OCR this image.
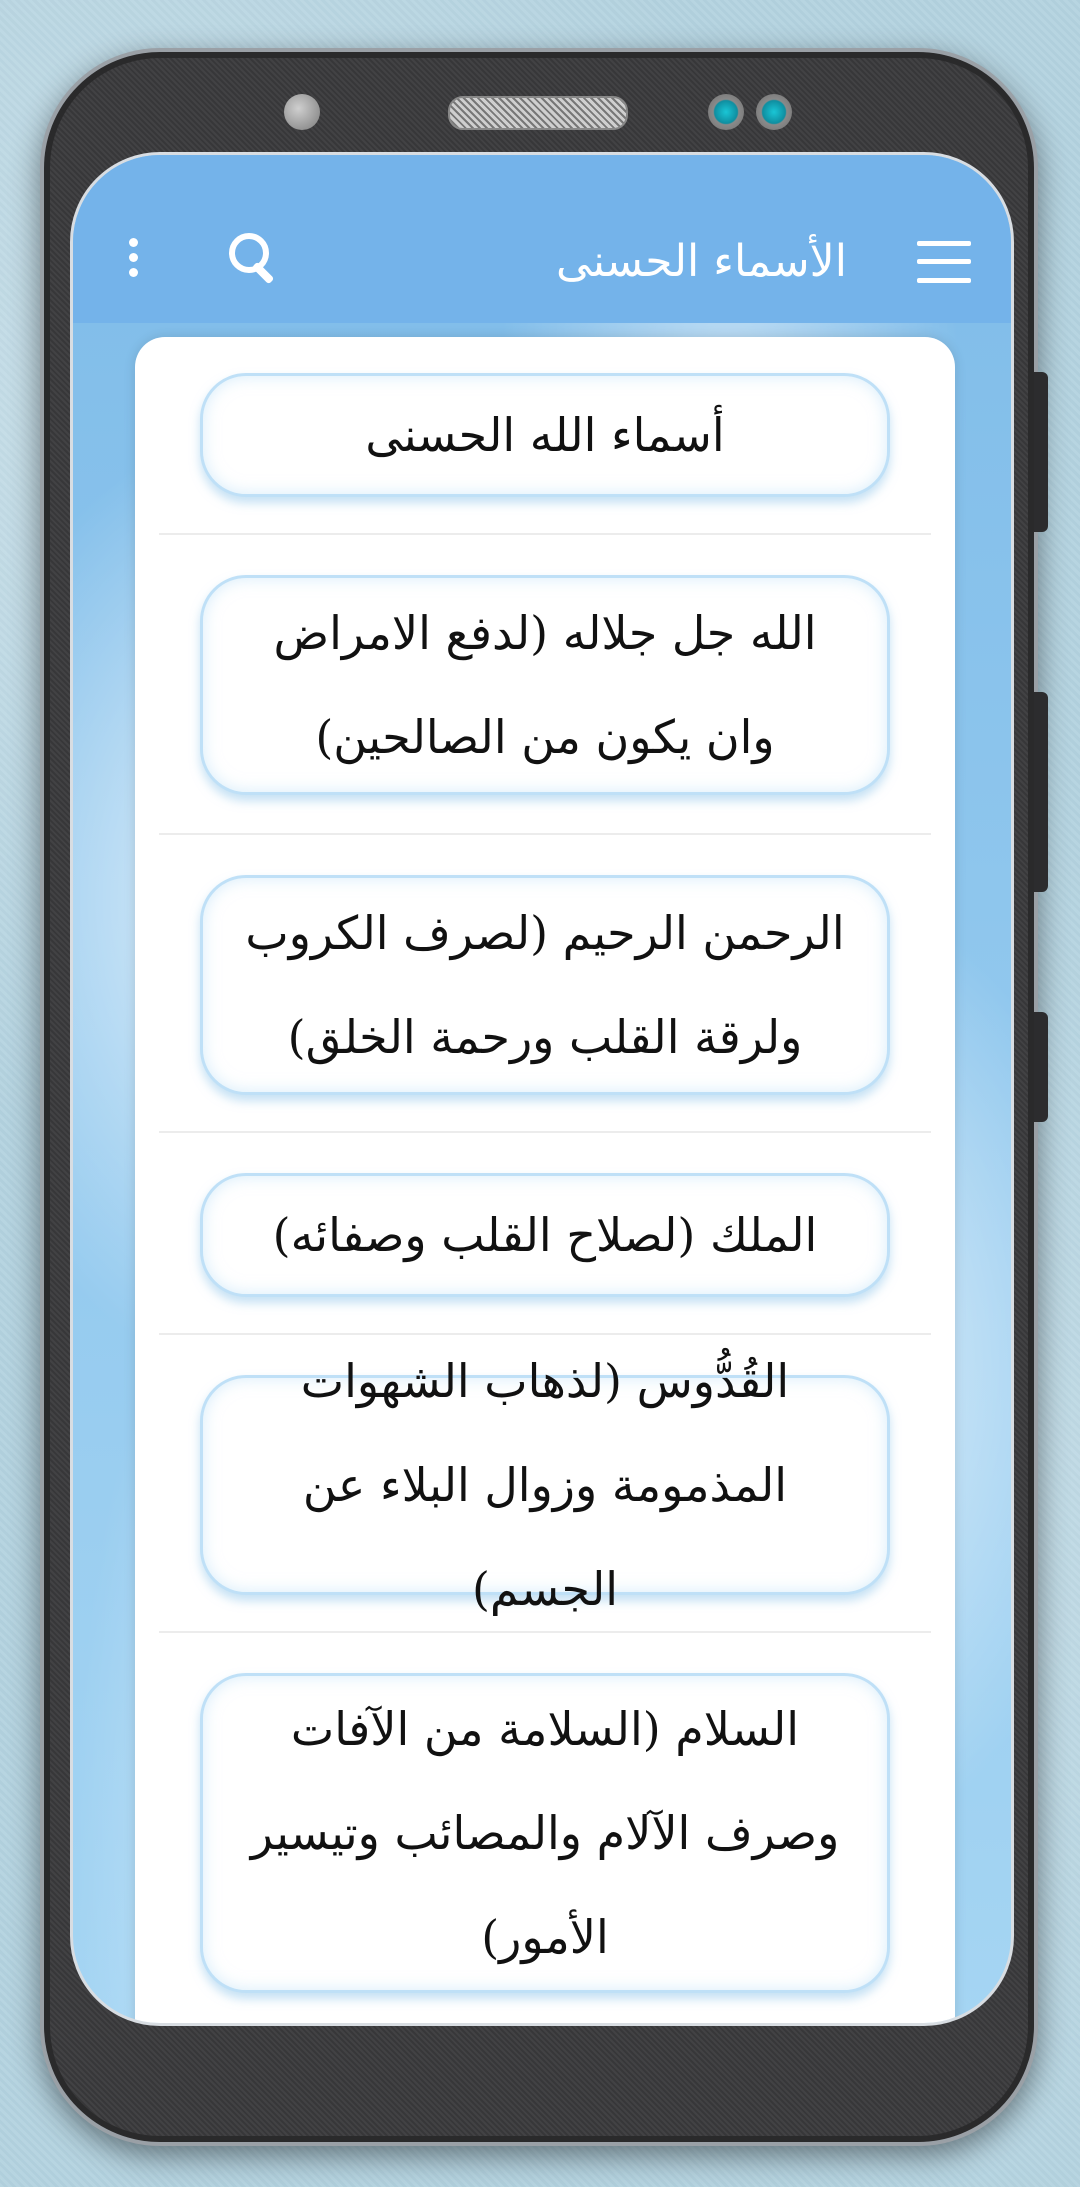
الأسماء الحسنى
أسماء الله الحسنى
الله جل جلاله (لدفع الامراض وان يكون من الصالحين)
الرحمن الرحيم (لصرف الكروب ولرقة القلب ورحمة الخلق)
الملك (لصلاح القلب وصفائه)
القُدُّوس (لذهاب الشهوات المذمومة وزوال البلاء عن الجسم)
السلام (السلامة من الآفات وصرف الآلام والمصائب وتيسير الأمور)
